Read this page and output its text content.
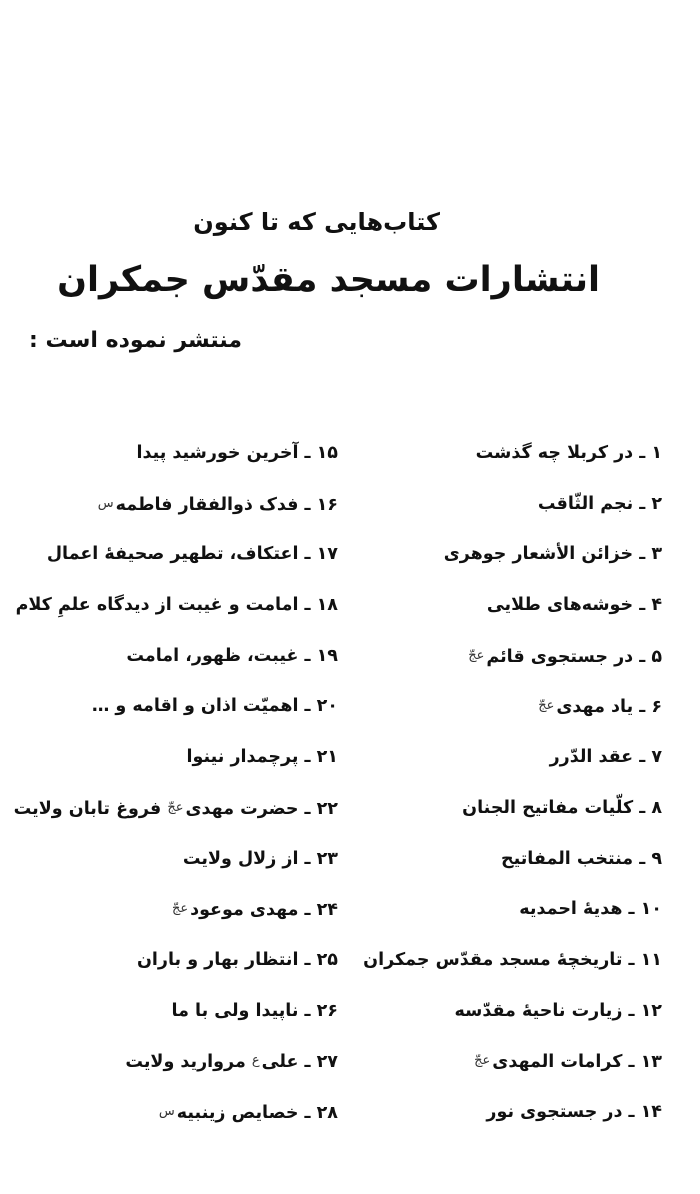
کتاب‌هایی که تا کنون
انتشارات مسجد مقدّس جمکران
منتشر نموده است :
۱ ـ در کربلا چه گذشت
۲ ـ نجم الثّاقب
۳ ـ خزائن الأشعار جوهری
۴ ـ خوشه‌های طلایی
۵ ـ در جستجوی قائمعجّ
۶ ـ یاد مهدیعجّ
۷ ـ عقد الدّرر
۸ ـ کلّیات مفاتیح الجنان
۹ ـ منتخب المفاتیح
۱۰ ـ هدیهٔ احمدیه
۱۱ ـ تاریخچهٔ مسجد مقدّس جمکران
۱۲ ـ زیارت ناحیهٔ مقدّسه
۱۳ ـ کرامات المهدیعجّ
۱۴ ـ در جستجوی نور
۱۵ ـ آخرین خورشید پیدا
۱۶ ـ فدک ذوالفقار فاطمهس
۱۷ ـ اعتکاف، تطهیر صحیفهٔ اعمال
۱۸ ـ امامت و غیبت از دیدگاه علمِ کلام
۱۹ ـ غیبت، ظهور، امامت
۲۰ ـ اهمیّت اذان و اقامه و …
۲۱ ـ پرچمدار نینوا
۲۲ ـ حضرت مهدیعجّ فروغ تابان ولایت
۲۳ ـ از زلال ولایت
۲۴ ـ مهدی موعودعجّ
۲۵ ـ انتظار بهار و باران
۲۶ ـ ناپیدا ولی با ما
۲۷ ـ علیع مروارید ولایت
۲۸ ـ خصایص زینبیهس
